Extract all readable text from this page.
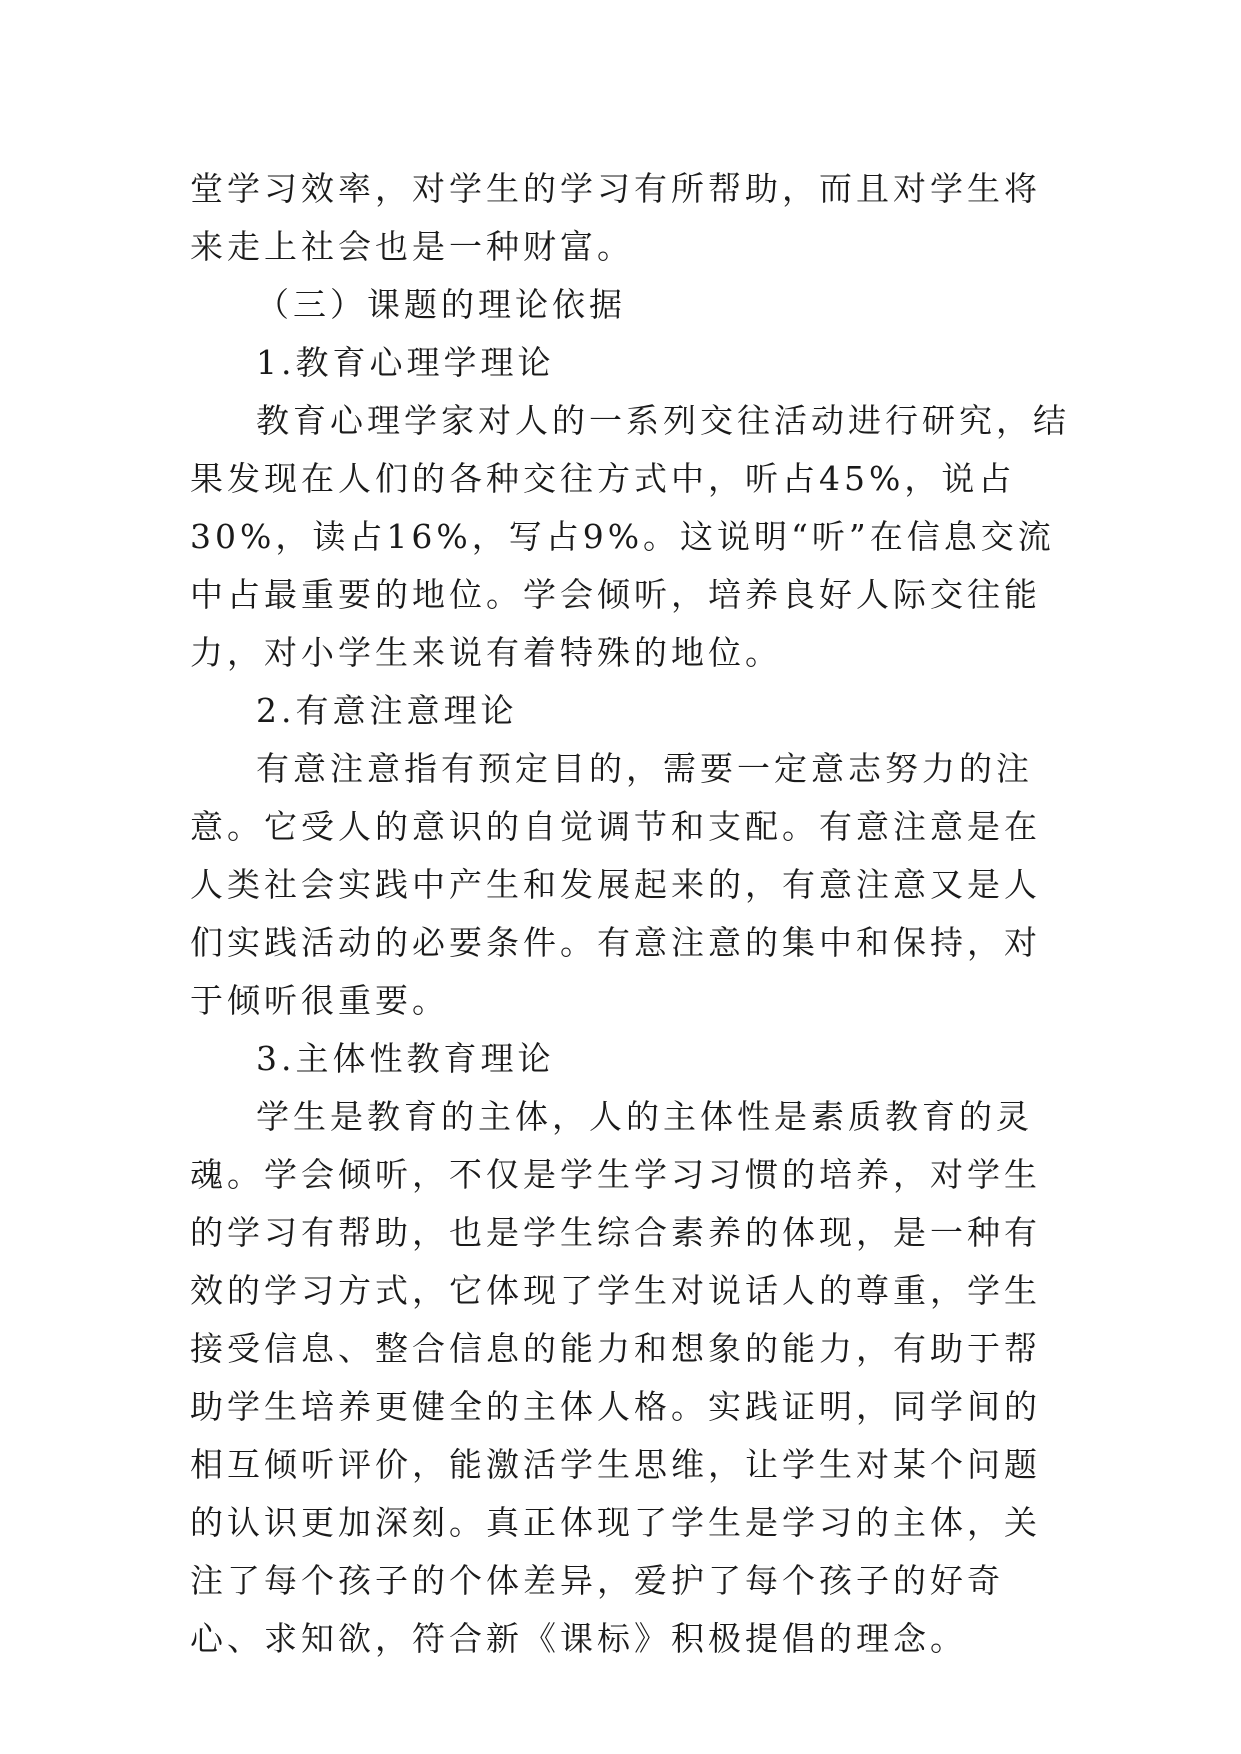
堂学习效率，对学生的学习有所帮助，而且对学生将来走上社会也是一种财富。

（三）课题的理论依据

1.教育心理学理论

教育心理学家对人的一系列交往活动进行研究，结果发现在人们的各种交往方式中，听占45%，说占30%，读占16%，写占9%。这说明“听”在信息交流中占最重要的地位。学会倾听，培养良好人际交往能力，对小学生来说有着特殊的地位。

2.有意注意理论

有意注意指有预定目的，需要一定意志努力的注意。它受人的意识的自觉调节和支配。有意注意是在人类社会实践中产生和发展起来的，有意注意又是人们实践活动的必要条件。有意注意的集中和保持，对于倾听很重要。

3.主体性教育理论

学生是教育的主体，人的主体性是素质教育的灵魂。学会倾听，不仅是学生学习习惯的培养，对学生的学习有帮助，也是学生综合素养的体现，是一种有效的学习方式，它体现了学生对说话人的尊重，学生接受信息、整合信息的能力和想象的能力，有助于帮助学生培养更健全的主体人格。实践证明，同学间的相互倾听评价，能激活学生思维，让学生对某个问题的认识更加深刻。真正体现了学生是学习的主体，关注了每个孩子的个体差异，爱护了每个孩子的好奇心、求知欲，符合新《课标》积极提倡的理念。
